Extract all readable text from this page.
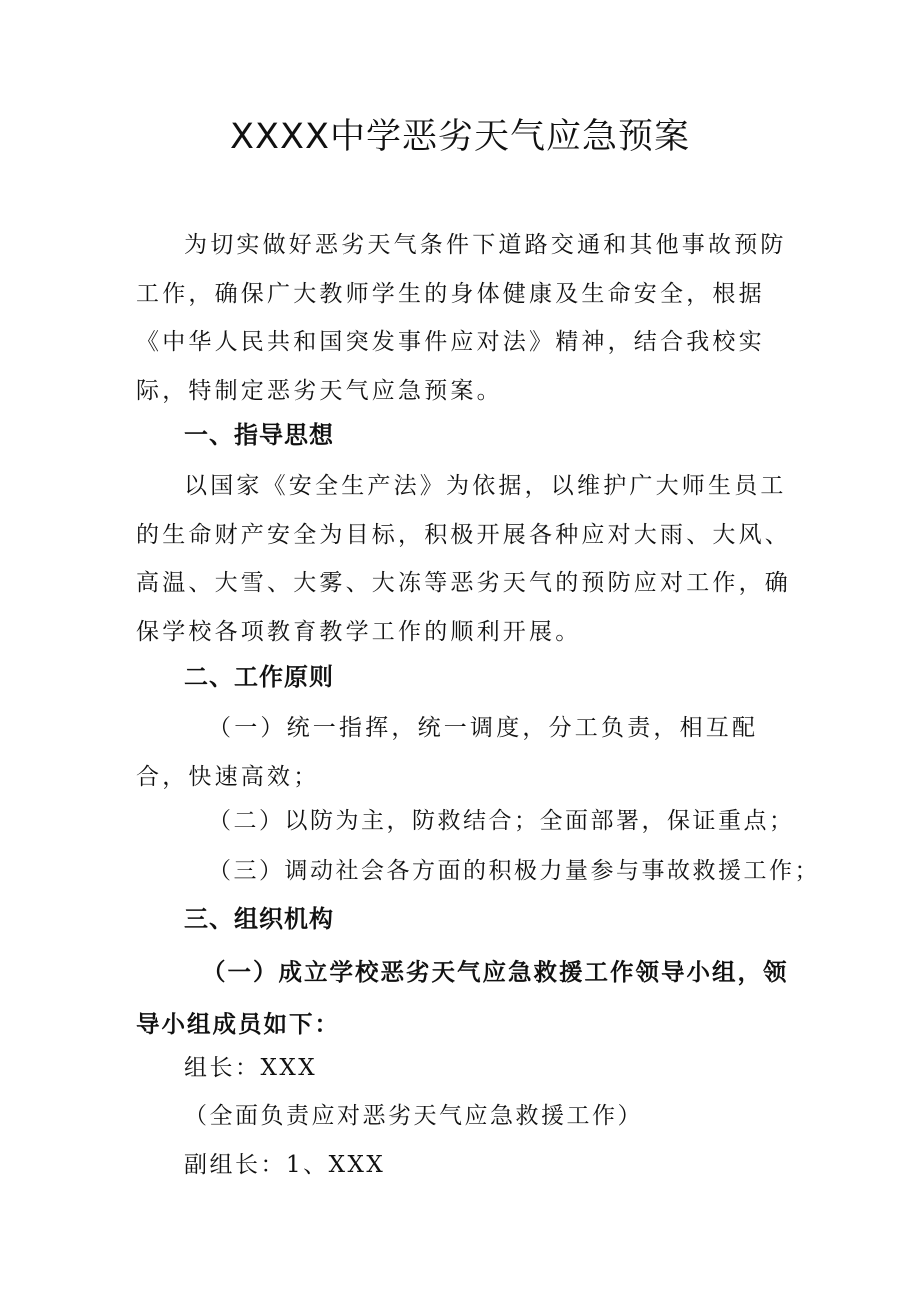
XXXX中学恶劣天气应急预案
为切实做好恶劣天气条件下道路交通和其他事故预防工作，确保广大教师学生的身体健康及生命安全，根据《中华人民共和国突发事件应对法》精神，结合我校实际，特制定恶劣天气应急预案。
一、指导思想
以国家《安全生产法》为依据，以维护广大师生员工的生命财产安全为目标，积极开展各种应对大雨、大风、高温、大雪、大雾、大冻等恶劣天气的预防应对工作，确保学校各项教育教学工作的顺利开展。
二、工作原则
（一）统一指挥，统一调度，分工负责，相互配合，快速高效；
（二）以防为主，防救结合；全面部署，保证重点；
（三）调动社会各方面的积极力量参与事故救援工作；
三、组织机构
（一）成立学校恶劣天气应急救援工作领导小组，领导小组成员如下：
组长：XXX
（全面负责应对恶劣天气应急救援工作）
副组长：1、XXX
